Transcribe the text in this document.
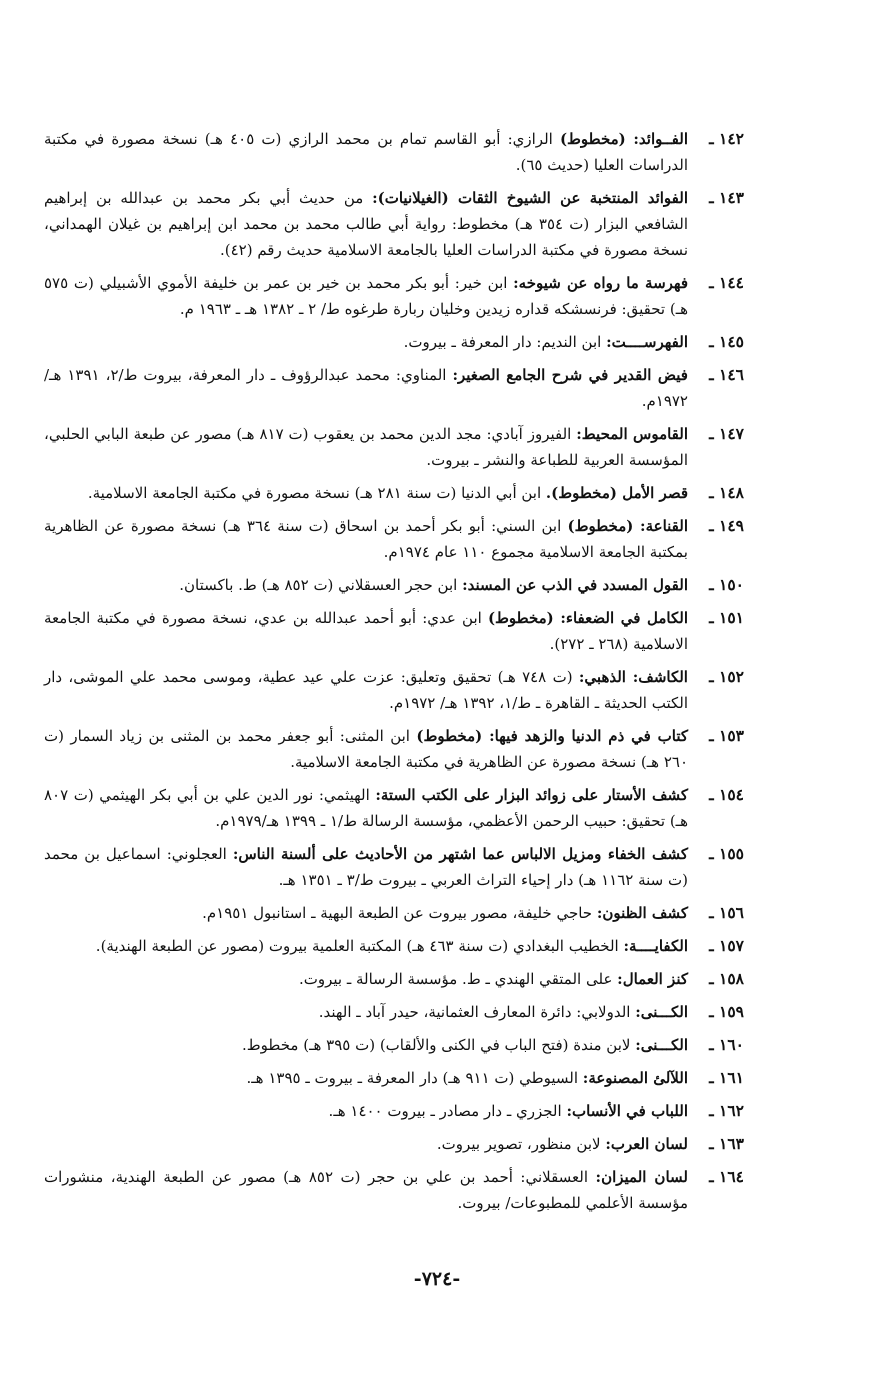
١٤٢ ـ
الفــوائد: (مخطوط) الرازي: أبو القاسم تمام بن محمد الرازي (ت ٤٠٥ هـ) نسخة مصورة في مكتبة الدراسات العليا (حديث ٦٥).
١٤٣ ـ
الفوائد المنتخبة عن الشيوخ الثقات (الغيلانيات): من حديث أبي بكر محمد بن عبدالله بن إبراهيم الشافعي البزار (ت ٣٥٤ هـ) مخطوط: رواية أبي طالب محمد بن محمد ابن إبراهيم بن غيلان الهمداني، نسخة مصورة في مكتبة الدراسات العليا بالجامعة الاسلامية حديث رقم (٤٢).
١٤٤ ـ
فهرسة ما رواه عن شيوخه: ابن خير: أبو بكر محمد بن خير بن عمر بن خليفة الأموي الأشبيلي (ت ٥٧٥ هـ) تحقيق: فرنسشكه قداره زيدين وخليان ربارة طرغوه ط/ ٢ ـ ١٣٨٢ هـ ـ ١٩٦٣ م.
١٤٥ ـ
الفهرســــت: ابن النديم: دار المعرفة ـ بيروت.
١٤٦ ـ
فيض القدير في شرح الجامع الصغير: المناوي: محمد عبدالرؤوف ـ دار المعرفة، بيروت ط/٢، ١٣٩١ هـ/ ١٩٧٢م.
١٤٧ ـ
القاموس المحيط: الفيروز آبادي: مجد الدين محمد بن يعقوب (ت ٨١٧ هـ) مصور عن طبعة البابي الحلبي، المؤسسة العربية للطباعة والنشر ـ بيروت.
١٤٨ ـ
قصر الأمل (مخطوط). ابن أبي الدنيا (ت سنة ٢٨١ هـ) نسخة مصورة في مكتبة الجامعة الاسلامية.
١٤٩ ـ
القناعة: (مخطوط) ابن السني: أبو بكر أحمد بن اسحاق (ت سنة ٣٦٤ هـ) نسخة مصورة عن الظاهرية بمكتبة الجامعة الاسلامية مجموع ١١٠ عام ١٩٧٤م.
١٥٠ ـ
القول المسدد في الذب عن المسند: ابن حجر العسقلاني (ت ٨٥٢ هـ) ط. باكستان.
١٥١ ـ
الكامل في الضعفاء: (مخطوط) ابن عدي: أبو أحمد عبدالله بن عدي، نسخة مصورة في مكتبة الجامعة الاسلامية (٢٦٨ ـ ٢٧٢).
١٥٢ ـ
الكاشف: الذهبي: (ت ٧٤٨ هـ) تحقيق وتعليق: عزت علي عيد عطية، وموسى محمد علي الموشى، دار الكتب الحديثة ـ القاهرة ـ ط/١، ١٣٩٢ هـ/ ١٩٧٢م.
١٥٣ ـ
كتاب في ذم الدنيا والزهد فيها: (مخطوط) ابن المثنى: أبو جعفر محمد بن المثنى بن زياد السمار (ت ٢٦٠ هـ) نسخة مصورة عن الظاهرية في مكتبة الجامعة الاسلامية.
١٥٤ ـ
كشف الأستار على زوائد البزار على الكتب الستة: الهيثمي: نور الدين علي بن أبي بكر الهيثمي (ت ٨٠٧ هـ) تحقيق: حبيب الرحمن الأعظمي، مؤسسة الرسالة ط/١ ـ ١٣٩٩ هـ/١٩٧٩م.
١٥٥ ـ
كشف الخفاء ومزيل الالباس عما اشتهر من الأحاديث على ألسنة الناس: العجلوني: اسماعيل بن محمد (ت سنة ١١٦٢ هـ) دار إحياء التراث العربي ـ بيروت ط/٣ ـ ١٣٥١ هـ.
١٥٦ ـ
كشف الظنون: حاجي خليفة، مصور بيروت عن الطبعة البهية ـ استانبول ١٩٥١م.
١٥٧ ـ
الكفايــــة: الخطيب البغدادي (ت سنة ٤٦٣ هـ) المكتبة العلمية بيروت (مصور عن الطبعة الهندية).
١٥٨ ـ
كنز العمال: على المتقي الهندي ـ ط. مؤسسة الرسالة ـ بيروت.
١٥٩ ـ
الكـــنى: الدولابي: دائرة المعارف العثمانية، حيدر آباد ـ الهند.
١٦٠ ـ
الكـــنى: لابن مندة (فتح الباب في الكنى والألقاب) (ت ٣٩٥ هـ) مخطوط.
١٦١ ـ
اللآلئ المصنوعة: السيوطي (ت ٩١١ هـ) دار المعرفة ـ بيروت ـ ١٣٩٥ هـ.
١٦٢ ـ
اللباب في الأنساب: الجزري ـ دار مصادر ـ بيروت ١٤٠٠ هـ.
١٦٣ ـ
لسان العرب: لابن منظور، تصوير بيروت.
١٦٤ ـ
لسان الميزان: العسقلاني: أحمد بن علي بن حجر (ت ٨٥٢ هـ) مصور عن الطبعة الهندية، منشورات مؤسسة الأعلمي للمطبوعات/ بيروت.
-٧٢٤-
